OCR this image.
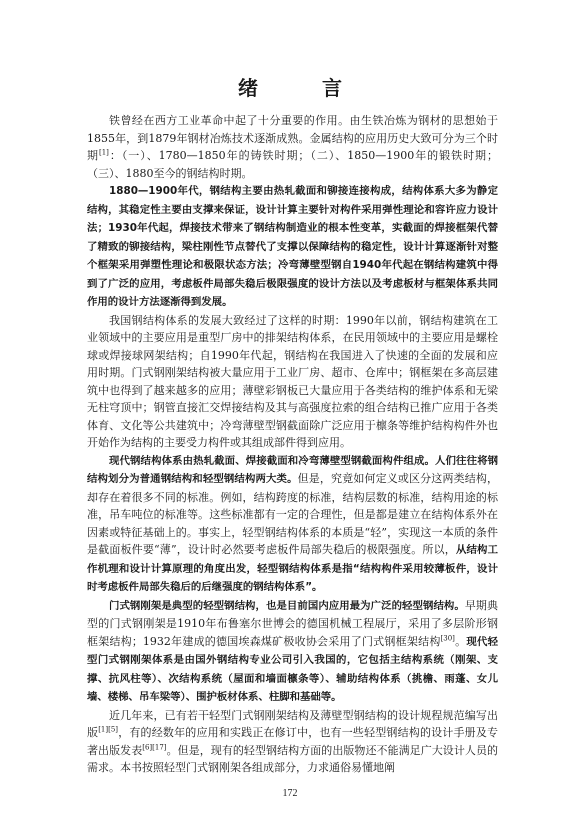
绪　言

铁曾经在西方工业革命中起了十分重要的作用。由生铁冶炼为钢材的思想始于1855年，到1879年钢材冶炼技术逐渐成熟。金属结构的应用历史大致可分为三个时期[1]：（一）、1780—1850年的铸铁时期；（二）、1850—1900年的锻铁时期；（三）、1880至今的钢结构时期。

1880—1900年代，钢结构主要由热轧截面和铆接连接构成，结构体系大多为静定结构，其稳定性主要由支撑来保证，设计计算主要针对构件采用弹性理论和容许应力设计法；1930年代起，焊接技术带来了钢结构制造业的根本性变革，实截面的焊接框架代替了精致的铆接结构，梁柱刚性节点替代了支撑以保障结构的稳定性，设计计算逐渐针对整个框架采用弹塑性理论和极限状态方法；冷弯薄壁型钢自1940年代起在钢结构建筑中得到了广泛的应用，考虑板件局部失稳后极限强度的设计方法以及考虑板材与框架体系共同作用的设计方法逐渐得到发展。

我国钢结构体系的发展大致经过了这样的时期：1990年以前，钢结构建筑在工业领域中的主要应用是重型厂房中的排架结构体系，在民用领域中的主要应用是螺栓球或焊接球网架结构；自1990年代起，钢结构在我国进入了快速的全面的发展和应用时期。门式钢刚架结构被大量应用于工业厂房、超市、仓库中；钢框架在多高层建筑中也得到了越来越多的应用；薄壁彩钢板已大量应用于各类结构的维护体系和无梁无柱穹顶中；钢管直接汇交焊接结构及其与高强度拉索的组合结构已推广应用于各类体育、文化等公共建筑中；冷弯薄壁型钢截面除广泛应用于檩条等维护结构构件外也开始作为结构的主要受力构件或其组成部件得到应用。

现代钢结构体系由热轧截面、焊接截面和冷弯薄壁型钢截面构件组成。人们往往将钢结构划分为普通钢结构和轻型钢结构两大类。但是，究竟如何定义或区分这两类结构，却存在着很多不同的标准。例如，结构跨度的标准，结构层数的标准，结构用途的标准，吊车吨位的标准等。这些标准都有一定的合理性，但是都是建立在结构体系外在因素或特征基础上的。事实上，轻型钢结构体系的本质是“轻”，实现这一本质的条件是截面板件要“薄”，设计时必然要考虑板件局部失稳后的极限强度。所以，从结构工作机理和设计计算原理的角度出发，轻型钢结构体系是指“结构构件采用较薄板件，设计时考虑板件局部失稳后的后继强度的钢结构体系”。

门式钢刚架是典型的轻型钢结构，也是目前国内应用最为广泛的轻型钢结构。早期典型的门式钢刚架是1910年布鲁塞尔世博会的德国机械工程展厅，采用了多层阶形钢框架结构；1932年建成的德国埃森煤矿极收协会采用了门式钢框架结构[30]。现代轻型门式钢刚架体系是由国外钢结构专业公司引入我国的，它包括主结构系统（刚架、支撑、抗风柱等）、次结构系统（屋面和墙面檩条等）、辅助结构体系（挑檐、雨蓬、女儿墙、楼梯、吊车梁等）、围护板材体系、柱脚和基础等。

近几年来，已有若干轻型门式钢刚架结构及薄壁型钢结构的设计规程规范编写出版[1][5]，有的经数年的应用和实践正在修订中，也有一些轻型钢结构的设计手册及专著出版发表[6][17]。但是，现有的轻型钢结构方面的出版物还不能满足广大设计人员的需求。本书按照轻型门式钢刚架各组成部分，力求通俗易懂地阐

172
